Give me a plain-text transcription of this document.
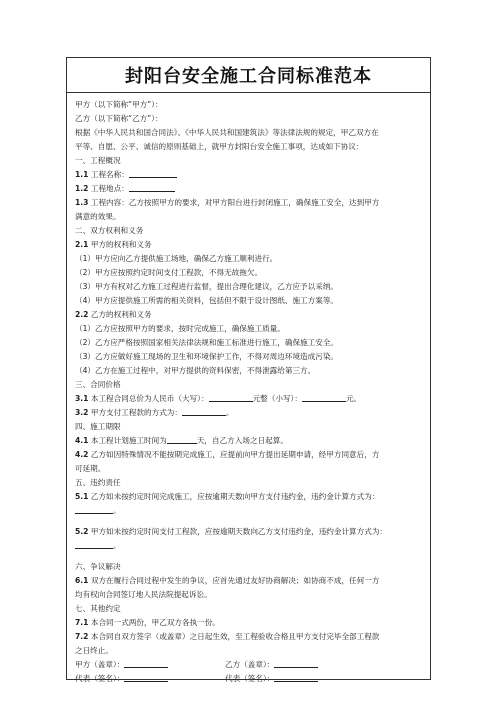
封阳台安全施工合同标准范本
甲方（以下简称“甲方”）：
乙方（以下简称“乙方”）：
根据《中华人民共和国合同法》、《中华人民共和国建筑法》等法律法规的规定，甲乙双方在
平等、自愿、公平、诚信的原则基础上，就甲方封阳台安全施工事项，达成如下协议：
一、工程概况
1.1 工程名称：
1.2 工程地点：
1.3 工程内容：乙方按照甲方的要求，对甲方阳台进行封闭施工，确保施工安全，达到甲方
满意的效果。
二、双方权利和义务
2.1 甲方的权利和义务
（1）甲方应向乙方提供施工场地，确保乙方施工顺利进行。
（2）甲方应按照约定时间支付工程款，不得无故拖欠。
（3）甲方有权对乙方施工过程进行监督，提出合理化建议，乙方应予以采纳。
（4）甲方应提供施工所需的相关资料，包括但不限于设计图纸、施工方案等。
2.2 乙方的权利和义务
（1）乙方应按照甲方的要求，按时完成施工，确保施工质量。
（2）乙方应严格按照国家相关法律法规和施工标准进行施工，确保施工安全。
（3）乙方应做好施工现场的卫生和环境保护工作，不得对周边环境造成污染。
（4）乙方在施工过程中，对甲方提供的资料保密，不得泄露给第三方。
三、合同价格
3.1 本工程合同总价为人民币（大写）：	元整（小写）：	元。
3.2 甲方支付工程款的方式为：	。
四、施工期限
4.1 本工程计划施工时间为	天，自乙方入场之日起算。
4.2 乙方如因特殊情况不能按期完成施工，应提前向甲方提出延期申请，经甲方同意后，方
可延期。
五、违约责任
5.1 乙方如未按约定时间完成施工，应按逾期天数向甲方支付违约金，违约金计算方式为：
。
5.2 甲方如未按约定时间支付工程款，应按逾期天数向乙方支付违约金，违约金计算方式为：
。
六、争议解决
6.1 双方在履行合同过程中发生的争议，应首先通过友好协商解决；如协商不成，任何一方
均有权向合同签订地人民法院提起诉讼。
七、其他约定
7.1 本合同一式两份，甲乙双方各执一份。
7.2 本合同自双方签字（或盖章）之日起生效，至工程验收合格且甲方支付完毕全部工程款
之日终止。
甲方（盖章）：	乙方（盖章）：
代表（签名）：	代表（签名）：
